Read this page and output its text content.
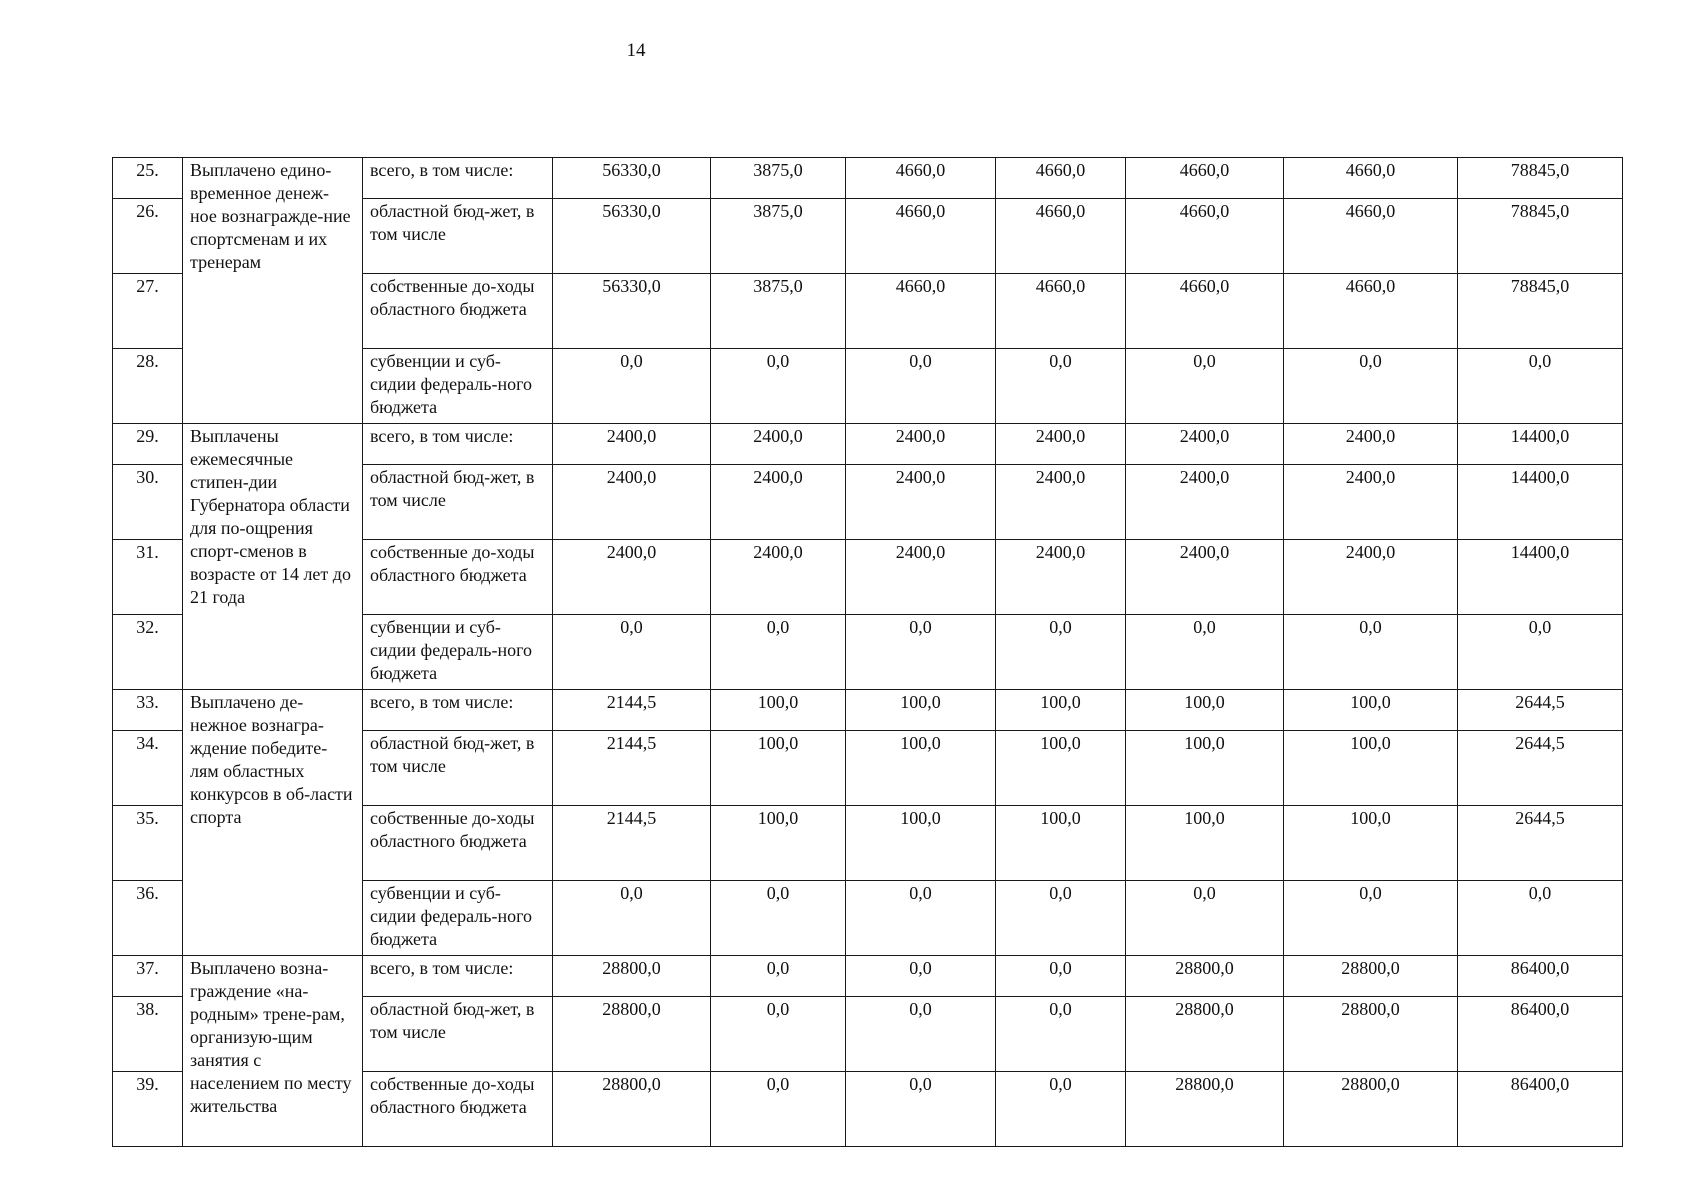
14
25.	Выплачено едино-временное денеж-ное вознагражде-ние спортсменам и их тренерам	всего, в том числе:	56330,0	3875,0	4660,0	4660,0	4660,0	4660,0	78845,0
26.		областной бюд-жет, в том числе	56330,0	3875,0	4660,0	4660,0	4660,0	4660,0	78845,0
27.		собственные до-ходы областного бюджета	56330,0	3875,0	4660,0	4660,0	4660,0	4660,0	78845,0
28.		субвенции и суб-сидии федераль-ного бюджета	0,0	0,0	0,0	0,0	0,0	0,0	0,0
29.	Выплачены ежемесячные стипен-дии Губернатора области для по-ощрения спорт-сменов в возрасте от 14 лет до 21 года	всего, в том числе:	2400,0	2400,0	2400,0	2400,0	2400,0	2400,0	14400,0
30.		областной бюд-жет, в том числе	2400,0	2400,0	2400,0	2400,0	2400,0	2400,0	14400,0
31.		собственные до-ходы областного бюджета	2400,0	2400,0	2400,0	2400,0	2400,0	2400,0	14400,0
32.		субвенции и суб-сидии федераль-ного бюджета	0,0	0,0	0,0	0,0	0,0	0,0	0,0
33.	Выплачено де-нежное вознагра-ждение победите-лям областных конкурсов в об-ласти спорта	всего, в том числе:	2144,5	100,0	100,0	100,0	100,0	100,0	2644,5
34.		областной бюд-жет, в том числе	2144,5	100,0	100,0	100,0	100,0	100,0	2644,5
35.		собственные до-ходы областного бюджета	2144,5	100,0	100,0	100,0	100,0	100,0	2644,5
36.		субвенции и суб-сидии федераль-ного бюджета	0,0	0,0	0,0	0,0	0,0	0,0	0,0
37.	Выплачено возна-граждение «на-родным» трене-рам, организую-щим занятия с населением по месту жительства	всего, в том числе:	28800,0	0,0	0,0	0,0	28800,0	28800,0	86400,0
38.		областной бюд-жет, в том числе	28800,0	0,0	0,0	0,0	28800,0	28800,0	86400,0
39.		собственные до-ходы областного бюджета	28800,0	0,0	0,0	0,0	28800,0	28800,0	86400,0
